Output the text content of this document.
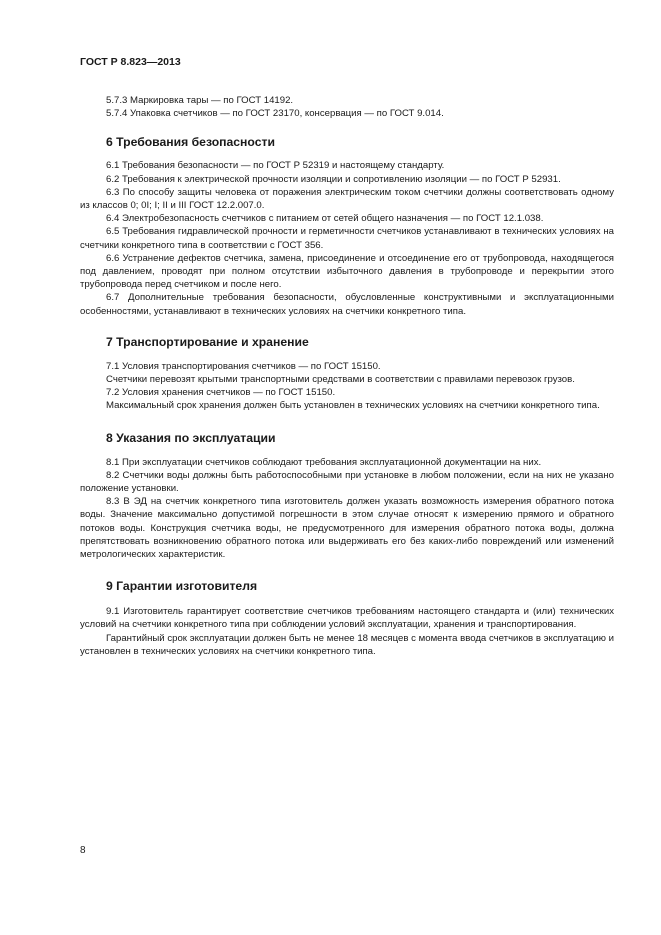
ГОСТ Р 8.823—2013

5.7.3 Маркировка тары — по ГОСТ 14192.

5.7.4 Упаковка счетчиков — по ГОСТ 23170, консервация — по ГОСТ 9.014.

6 Требования безопасности

6.1 Требования безопасности — по ГОСТ Р 52319 и настоящему стандарту.

6.2 Требования к электрической прочности изоляции и сопротивлению изоляции — по ГОСТ Р 52931.

6.3 По способу защиты человека от поражения электрическим током счетчики должны соответствовать одному из классов 0; 0I; I; II и III ГОСТ 12.2.007.0.

6.4 Электробезопасность счетчиков с питанием от сетей общего назначения — по ГОСТ 12.1.038.

6.5 Требования гидравлической прочности и герметичности счетчиков устанавливают в технических условиях на счетчики конкретного типа в соответствии с ГОСТ 356.

6.6 Устранение дефектов счетчика, замена, присоединение и отсоединение его от трубопровода, находящегося под давлением, проводят при полном отсутствии избыточного давления в трубопроводе и перекрытии этого трубопровода перед счетчиком и после него.

6.7 Дополнительные требования безопасности, обусловленные конструктивными и эксплуатационными особенностями, устанавливают в технических условиях на счетчики конкретного типа.

7 Транспортирование и хранение

7.1 Условия транспортирования счетчиков — по ГОСТ 15150.

Счетчики перевозят крытыми транспортными средствами в соответствии с правилами перевозок грузов.

7.2 Условия хранения счетчиков — по ГОСТ 15150.

Максимальный срок хранения должен быть установлен в технических условиях на счетчики конкретного типа.

8 Указания по эксплуатации

8.1 При эксплуатации счетчиков соблюдают требования эксплуатационной документации на них.

8.2 Счетчики воды должны быть работоспособными при установке в любом положении, если на них не указано положение установки.

8.3 В ЭД на счетчик конкретного типа изготовитель должен указать возможность измерения обратного потока воды. Значение максимально допустимой погрешности в этом случае относят к измерению прямого и обратного потоков воды. Конструкция счетчика воды, не предусмотренного для измерения обратного потока воды, должна препятствовать возникновению обратного потока или выдерживать его без каких-либо повреждений или изменений метрологических характеристик.

9 Гарантии изготовителя

9.1 Изготовитель гарантирует соответствие счетчиков требованиям настоящего стандарта и (или) технических условий на счетчики конкретного типа при соблюдении условий эксплуатации, хранения и транспортирования.

Гарантийный срок эксплуатации должен быть не менее 18 месяцев с момента ввода счетчиков в эксплуатацию и установлен в технических условиях на счетчики конкретного типа.

8
